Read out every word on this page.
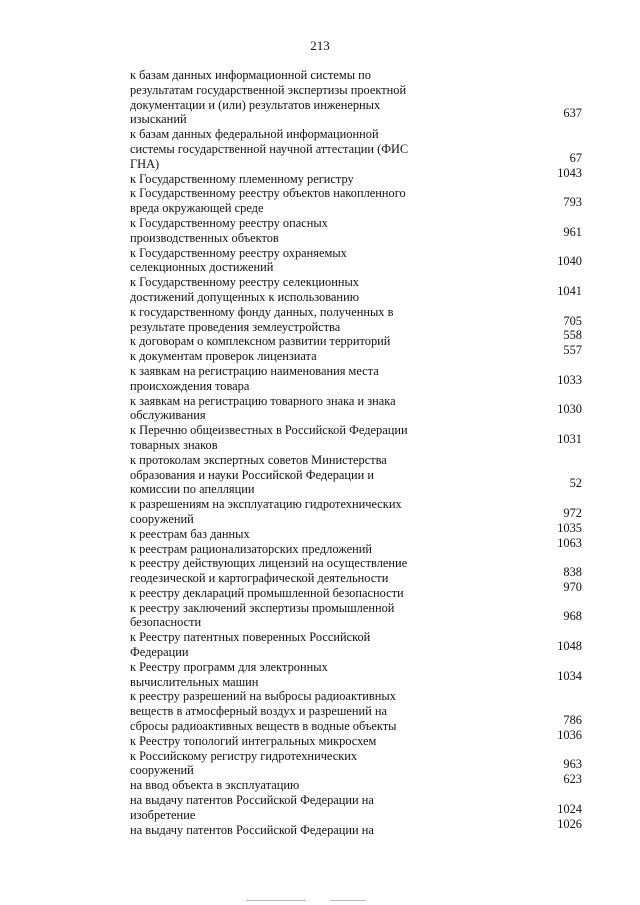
213
к базам данных информационной системы по
результатам государственной экспертизы проектной
документации и (или) результатов инженерных
изысканий	637
к базам данных федеральной информационной
системы государственной научной аттестации (ФИС
ГНА)	67
к Государственному племенному регистру	1043
к Государственному реестру объектов накопленного
вреда окружающей среде	793
к Государственному реестру опасных
производственных объектов	961
к Государственному реестру охраняемых
селекционных достижений	1040
к Государственному реестру селекционных
достижений допущенных к использованию	1041
к государственному фонду данных, полученных в
результате проведения землеустройства	705
к договорам о комплексном развитии территорий	558
к документам проверок лицензиата	557
к заявкам на регистрацию наименования места
происхождения товара	1033
к заявкам на регистрацию товарного знака и знака
обслуживания	1030
к Перечню общеизвестных в Российской Федерации
товарных знаков	1031
к протоколам экспертных советов Министерства
образования и науки Российской Федерации и
комиссии по апелляции	52
к разрешениям на эксплуатацию гидротехнических
сооружений	972
к реестрам баз данных	1035
к реестрам рационализаторских предложений	1063
к реестру действующих лицензий на осуществление
геодезической и картографической деятельности	838
к реестру деклараций промышленной безопасности	970
к реестру заключений экспертизы промышленной
безопасности	968
к Реестру патентных поверенных Российской
Федерации	1048
к Реестру программ для электронных
вычислительных машин	1034
к реестру разрешений на выбросы радиоактивных
веществ в атмосферный воздух и разрешений на
сбросы радиоактивных веществ в водные объекты	786
к Реестру топологий интегральных микросхем	1036
к Российскому регистру гидротехнических
сооружений	963
на ввод объекта в эксплуатацию	623
на выдачу патентов Российской Федерации на
изобретение	1024
на выдачу патентов Российской Федерации на	1026
